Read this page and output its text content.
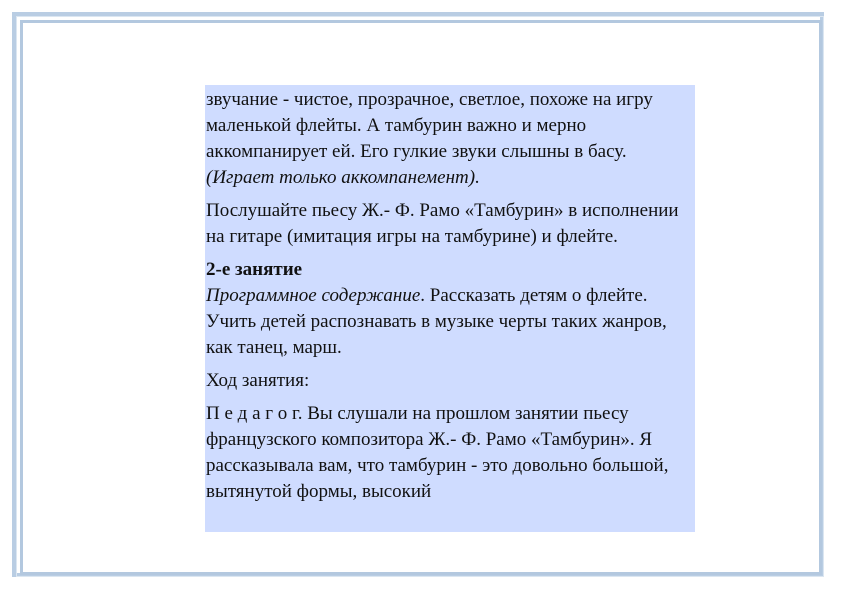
звучание - чистое, прозрачное, светлое, похоже на игру маленькой флейты. А тамбурин важно и мерно аккомпанирует ей. Его гулкие звуки слышны в басу. (Играет только аккомпанемент).

Послушайте пьесу Ж.- Ф. Рамо «Тамбурин» в исполнении на гитаре (имитация игры на тамбурине) и флейте.

2-е занятие

Программное содержание. Рассказать детям о флейте. Учить детей распознавать в музыке черты таких жанров, как танец, марш.

Ход занятия:

П е д а г о г. Вы слушали на прошлом занятии пьесу французского композитора Ж.- Ф. Рамо «Тамбурин». Я рассказывала вам, что тамбурин - это довольно большой, вытянутой формы, высокий
